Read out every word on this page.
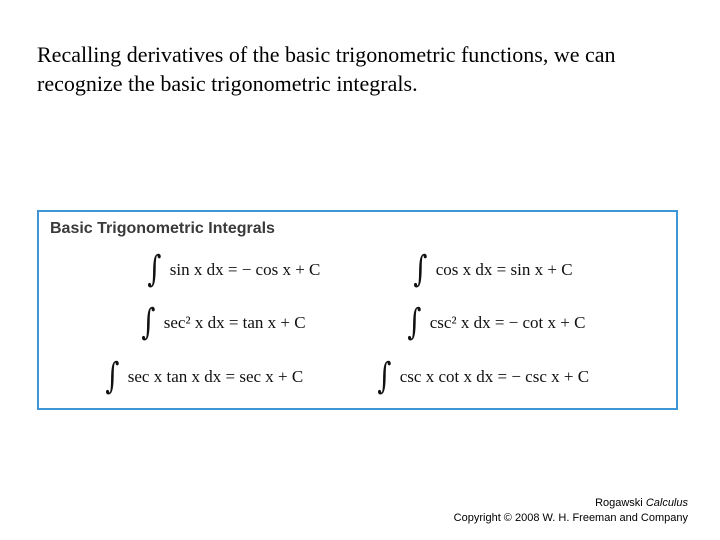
Recalling derivatives of the basic trigonometric functions, we can recognize the basic trigonometric integrals.

Basic Trigonometric Integrals
∫ sin x dx = − cos x + C	∫ cos x dx = sin x + C
∫ sec² x dx = tan x + C	∫ csc² x dx = − cot x + C
∫ sec x tan x dx = sec x + C ∫ csc x cot x dx = − csc x + C

Rogawski Calculus

Copyright © 2008 W. H. Freeman and Company
